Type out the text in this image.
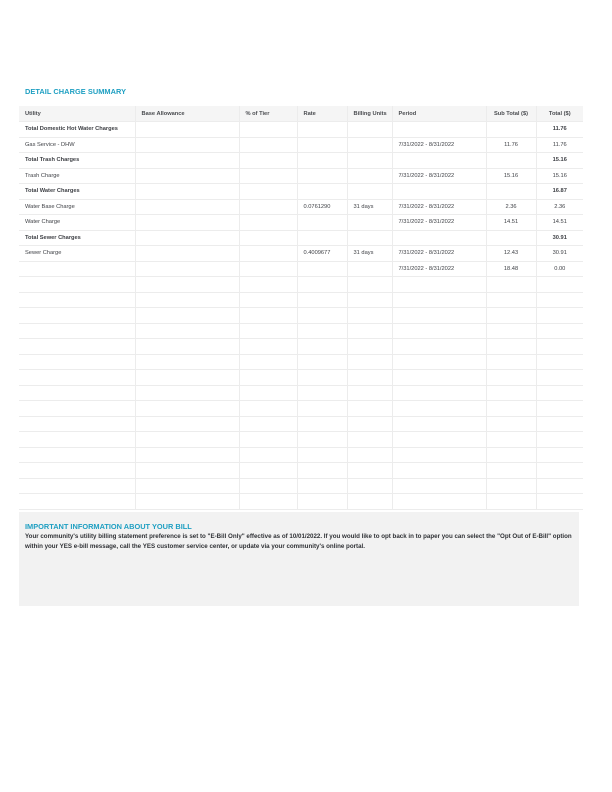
DETAIL CHARGE SUMMARY
Utility	Base Allowance	% of Tier	Rate	Billing Units	Period	Sub Total ($)	Total ($)
Total Domestic Hot Water Charges							11.76
Gas Service - DHW					7/31/2022 - 8/31/2022	11.76	11.76
Total Trash Charges							15.16
Trash Charge					7/31/2022 - 8/31/2022	15.16	15.16
Total Water Charges							16.87
Water Base Charge			0.0761290	31 days	7/31/2022 - 8/31/2022	2.36	2.36
Water Charge					7/31/2022 - 8/31/2022	14.51	14.51
Total Sewer Charges							30.91
Sewer Charge			0.4009677	31 days	7/31/2022 - 8/31/2022	12.43	30.91
					7/31/2022 - 8/31/2022	18.48	0.00

IMPORTANT INFORMATION ABOUT YOUR BILL
Your community's utility billing statement preference is set to "E-Bill Only" effective as of 10/01/2022. If you would like to opt back in to paper you can select the "Opt Out of E-Bill" option within your YES e-bill message, call the YES customer service center, or update via your community's online portal.
